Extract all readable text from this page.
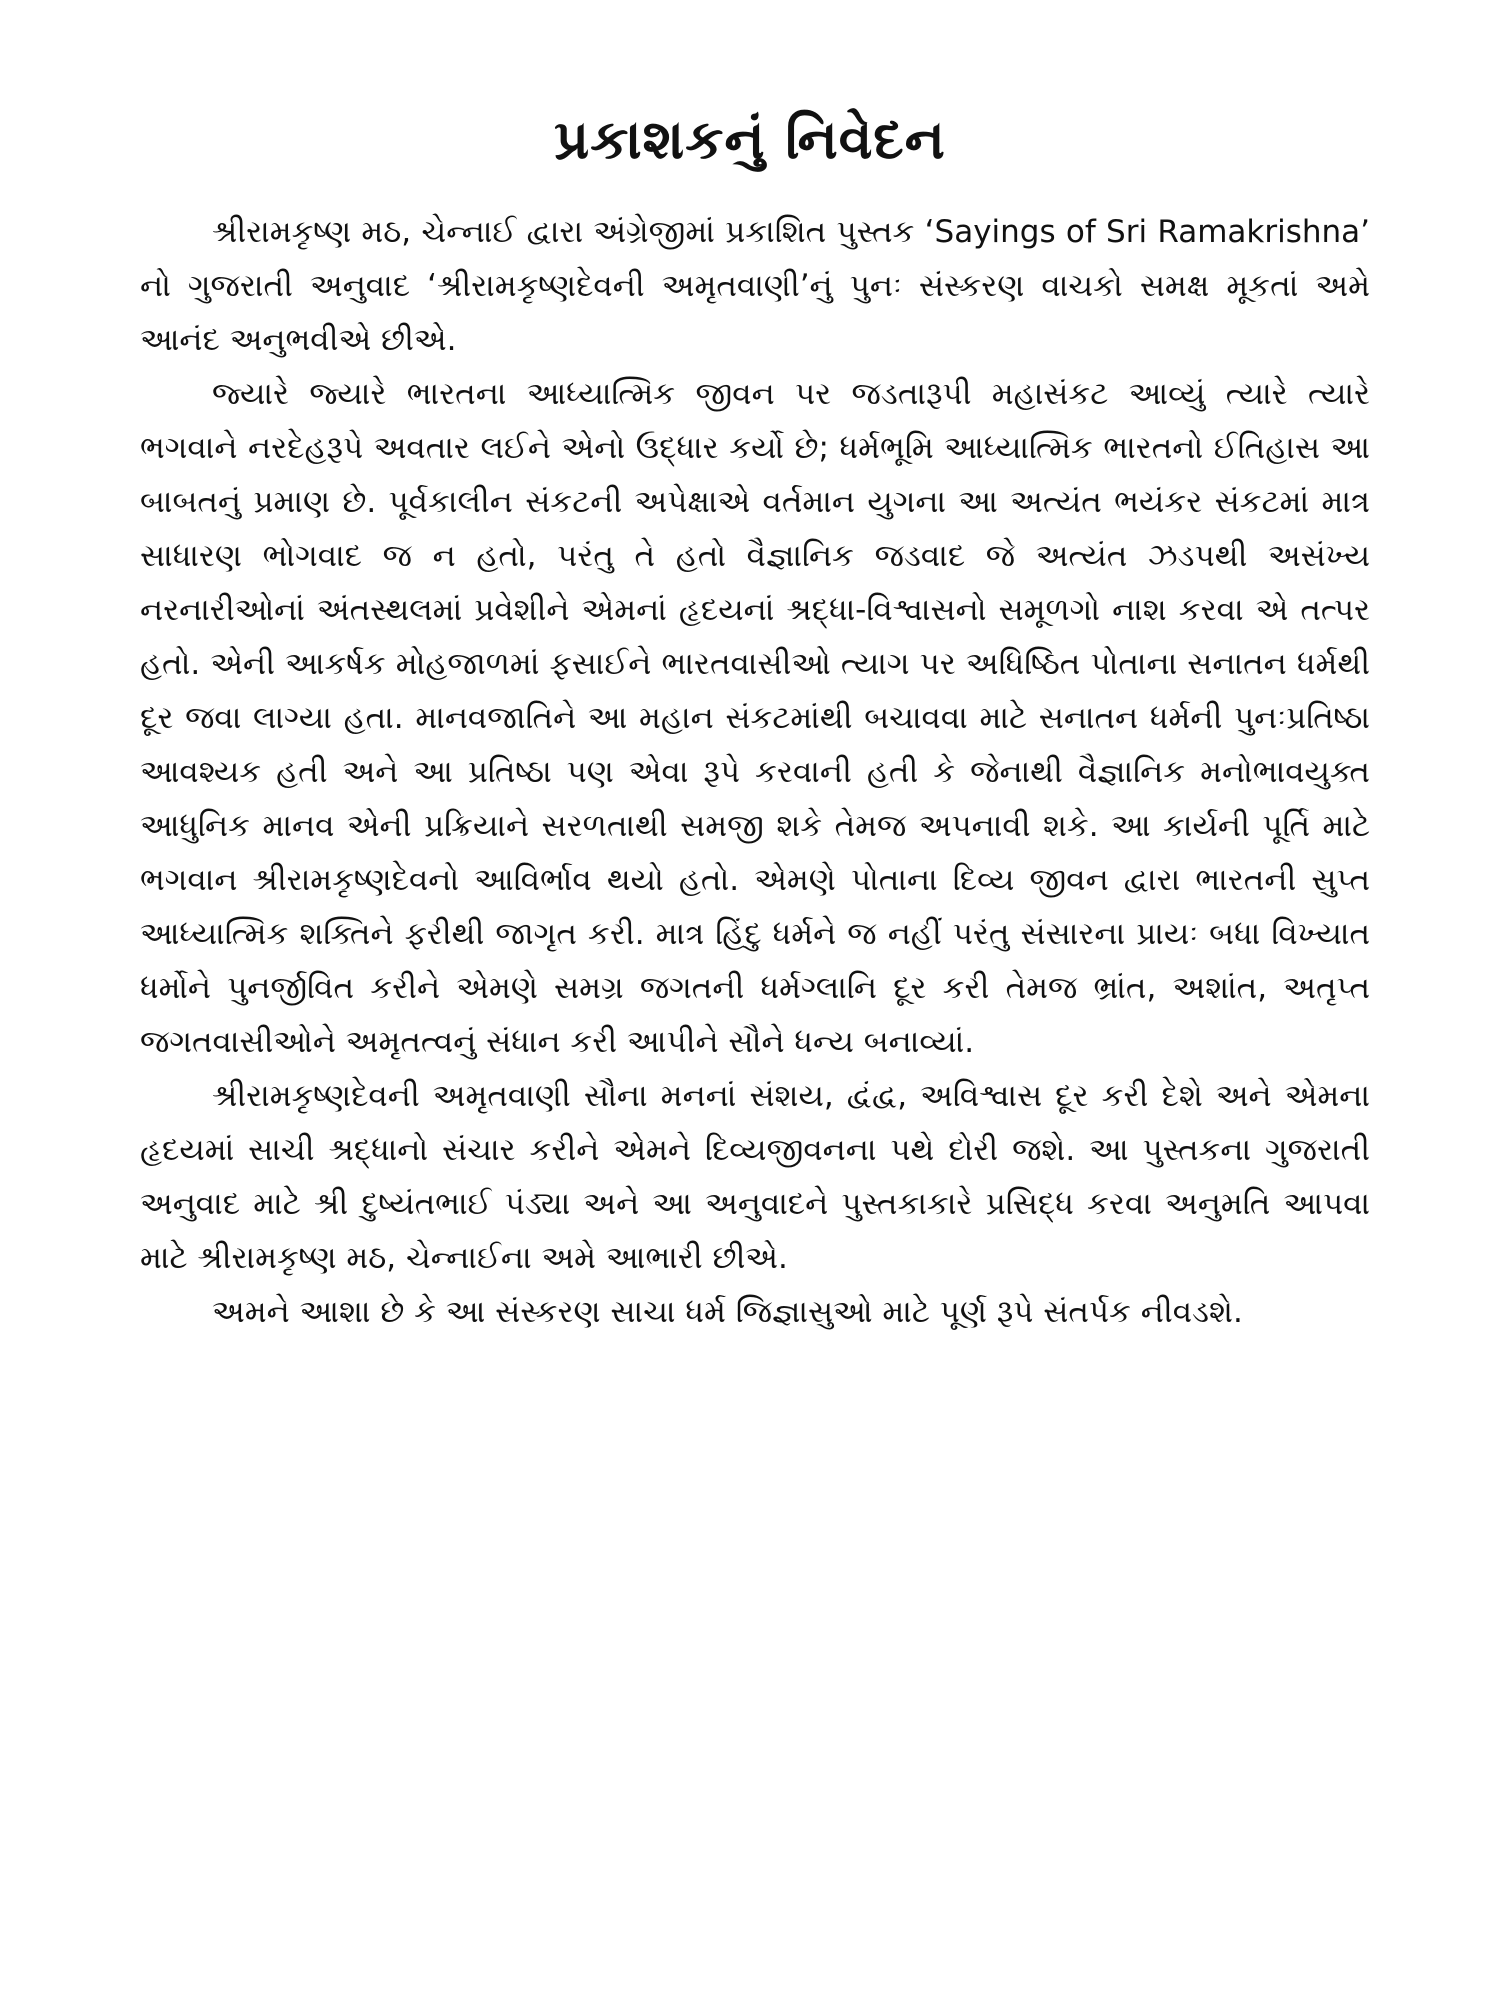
પ્રકાશકનું નિવેદન

શ્રીરામકૃષ્ણ મઠ, ચેન્નાઈ દ્વારા અંગ્રેજીમાં પ્રકાશિત પુસ્તક ‘Sayings of Sri Ramakrishna’ નો ગુજરાતી અનુવાદ ‘શ્રીરામકૃષ્ણદેવની અમૃતવાણી’નું પુનઃ સંસ્કરણ વાચકો સમક્ષ મૂકતાં અમે આનંદ અનુભવીએ છીએ.

જ્યારે જ્યારે ભારતના આધ્યાત્મિક જીવન પર જડતારૂપી મહાસંકટ આવ્યું ત્યારે ત્યારે ભગવાને નરદેહરૂપે અવતાર લઈને એનો ઉદ્ધાર કર્યો છે; ધર્મભૂમિ આધ્યાત્મિક ભારતનો ઈતિહાસ આ બાબતનું પ્રમાણ છે. પૂર્વકાલીન સંકટની અપેક્ષાએ વર્તમાન યુગના આ અત્યંત ભયંકર સંકટમાં માત્ર સાધારણ ભોગવાદ જ ન હતો, પરંતુ તે હતો વૈજ્ઞાનિક જડવાદ જે અત્યંત ઝડપથી અસંખ્ય નરનારીઓનાં અંતસ્થલમાં પ્રવેશીને એમનાં હૃદયનાં શ્રદ્ધા-વિશ્વાસનો સમૂળગો નાશ કરવા એ તત્પર હતો. એની આકર્ષક મોહજાળમાં ફસાઈને ભારતવાસીઓ ત્યાગ પર અધિષ્ઠિત પોતાના સનાતન ધર્મથી દૂર જવા લાગ્યા હતા. માનવજાતિને આ મહાન સંકટમાંથી બચાવવા માટે સનાતન ધર્મની પુનઃપ્રતિષ્ઠા આવશ્યક હતી અને આ પ્રતિષ્ઠા પણ એવા રૂપે કરવાની હતી કે જેનાથી વૈજ્ઞાનિક મનોભાવયુક્ત આધુનિક માનવ એની પ્રક્રિયાને સરળતાથી સમજી શકે તેમજ અપનાવી શકે. આ કાર્યની પૂર્તિ માટે ભગવાન શ્રીરામકૃષ્ણદેવનો આવિર્ભાવ થયો હતો. એમણે પોતાના દિવ્ય જીવન દ્વારા ભારતની સુપ્ત આધ્યાત્મિક શક્તિને ફરીથી જાગૃત કરી. માત્ર હિંદુ ધર્મને જ નહીં પરંતુ સંસારના પ્રાયઃ બધા વિખ્યાત ધર્મોને પુનર્જીવિત કરીને એમણે સમગ્ર જગતની ધર્મગ્લાનિ દૂર કરી તેમજ ભ્રાંત, અશાંત, અતૃપ્ત જગતવાસીઓને અમૃતત્વનું સંધાન કરી આપીને સૌને ધન્ય બનાવ્યાં.

શ્રીરામકૃષ્ણદેવની અમૃતવાણી સૌના મનનાં સંશય, દ્વંદ્વ, અવિશ્વાસ દૂર કરી દેશે અને એમના હૃદયમાં સાચી શ્રદ્ધાનો સંચાર કરીને એમને દિવ્યજીવનના પથે દોરી જશે. આ પુસ્તકના ગુજરાતી અનુવાદ માટે શ્રી દુષ્યંતભાઈ પંડ્યા અને આ અનુવાદને પુસ્તકાકારે પ્રસિદ્ધ કરવા અનુમતિ આપવા માટે શ્રીરામકૃષ્ણ મઠ, ચેન્નાઈના અમે આભારી છીએ.

અમને આશા છે કે આ સંસ્કરણ સાચા ધર્મ જિજ્ઞાસુઓ માટે પૂર્ણ રૂપે સંતર્પક નીવડશે.
